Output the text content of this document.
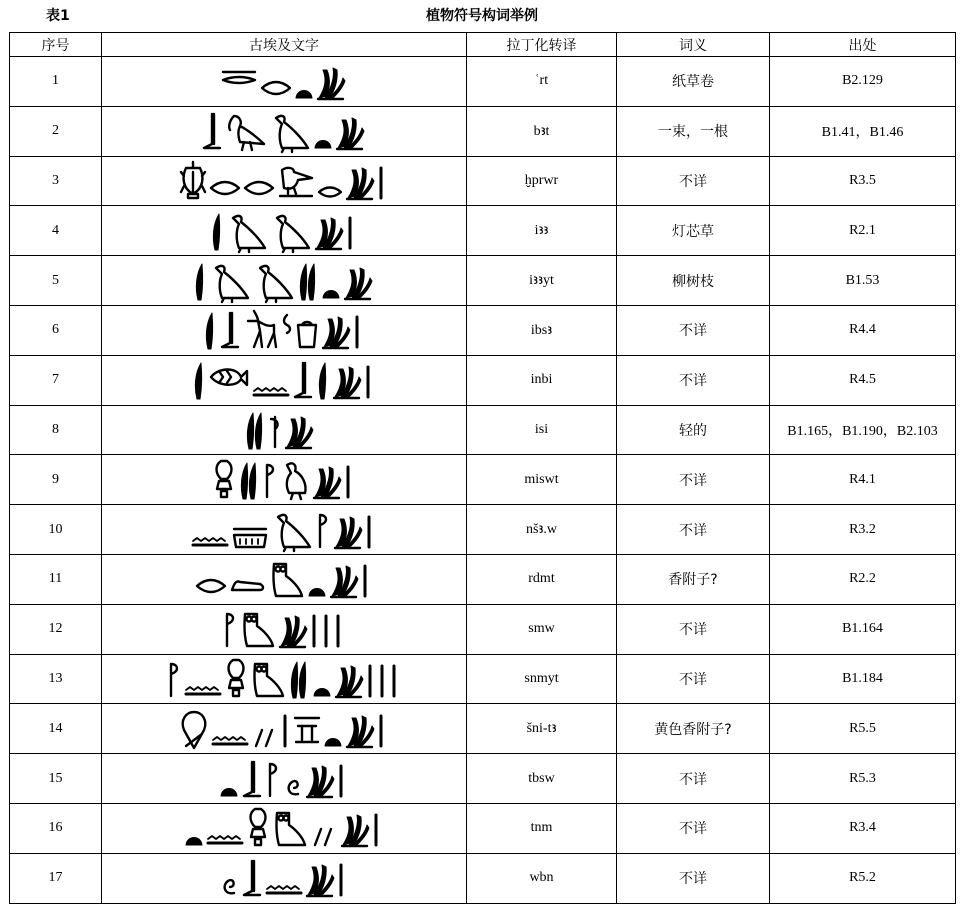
表1	植物符号构词举例
序号	古埃及文字	拉丁化转译	词义	出处
1		ʿrt	纸草卷	B2.129
2		bꜣt	一束，一根	B1.41，B1.46
3		ḫprwr	不详	R3.5
4		iꜣꜣ	灯芯草	R2.1
5		iꜣꜣyt	柳树枝	B1.53
6		ibsꜣ	不详	R4.4
7		inbi	不详	R4.5
8		isi	轻的	B1.165，B1.190，B2.103
9		miswt	不详	R4.1
10		nšꜣ.w	不详	R3.2
11		rdmt	香附子?	R2.2
12		smw	不详	B1.164
13		snmyt	不详	B1.184
14		šni-tꜣ	黄色香附子?	R5.5
15		tbsw	不详	R5.3
16		tnm	不详	R3.4
17		wbn	不详	R5.2
